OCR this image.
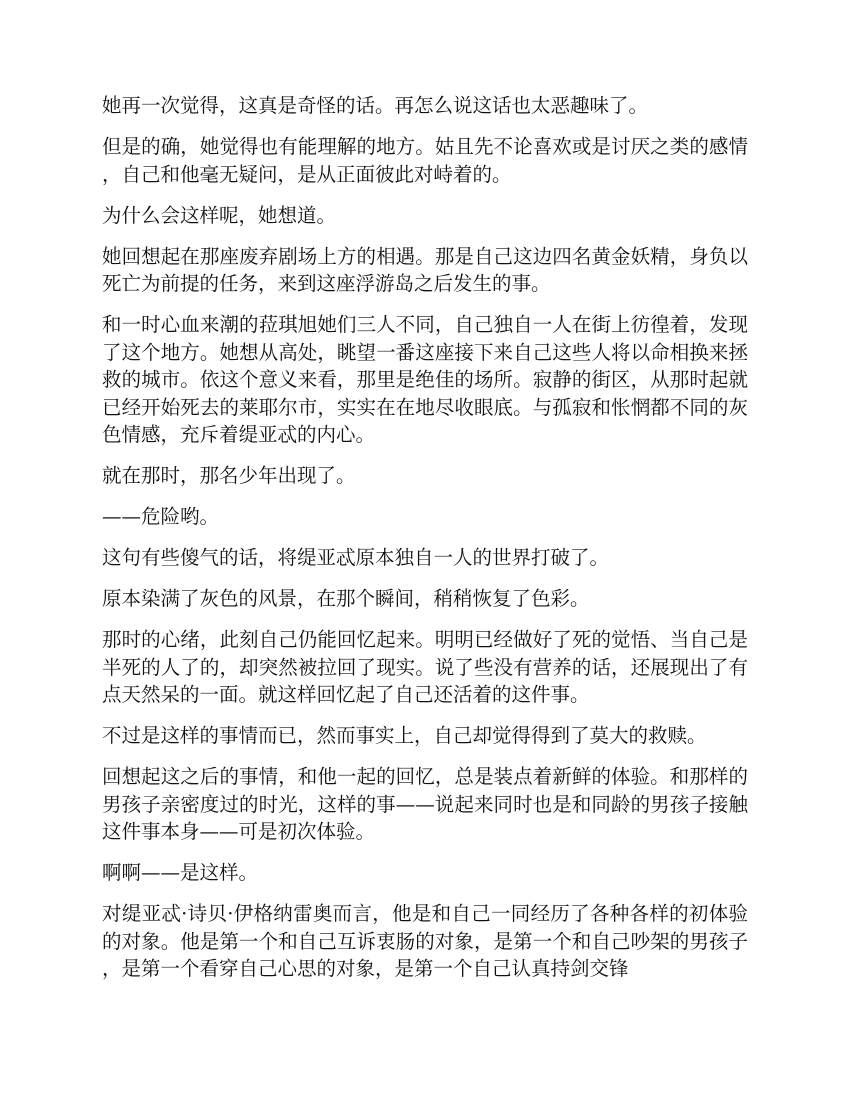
她再一次觉得，这真是奇怪的话。再怎么说这话也太恶趣味了。

但是的确，她觉得也有能理解的地方。姑且先不论喜欢或是讨厌之类的感情，自己和他毫无疑问，是从正面彼此对峙着的。

为什么会这样呢，她想道。

她回想起在那座废弃剧场上方的相遇。那是自己这边四名黄金妖精，身负以死亡为前提的任务，来到这座浮游岛之后发生的事。

和一时心血来潮的菈琪旭她们三人不同，自己独自一人在街上彷徨着，发现了这个地方。她想从高处，眺望一番这座接下来自己这些人将以命相换来拯救的城市。依这个意义来看，那里是绝佳的场所。寂静的街区，从那时起就已经开始死去的莱耶尔市，实实在在地尽收眼底。与孤寂和怅惘都不同的灰色情感，充斥着缇亚忒的内心。

就在那时，那名少年出现了。

——危险哟。

这句有些傻气的话，将缇亚忒原本独自一人的世界打破了。

原本染满了灰色的风景，在那个瞬间，稍稍恢复了色彩。

那时的心绪，此刻自己仍能回忆起来。明明已经做好了死的觉悟、当自己是半死的人了的，却突然被拉回了现实。说了些没有营养的话，还展现出了有点天然呆的一面。就这样回忆起了自己还活着的这件事。

不过是这样的事情而已，然而事实上，自己却觉得得到了莫大的救赎。

回想起这之后的事情，和他一起的回忆，总是装点着新鲜的体验。和那样的男孩子亲密度过的时光，这样的事——说起来同时也是和同龄的男孩子接触这件事本身——可是初次体验。

啊啊——是这样。

对缇亚忒·诗贝·伊格纳雷奥而言，他是和自己一同经历了各种各样的初体验的对象。他是第一个和自己互诉衷肠的对象，是第一个和自己吵架的男孩子，是第一个看穿自己心思的对象，是第一个自己认真持剑交锋
